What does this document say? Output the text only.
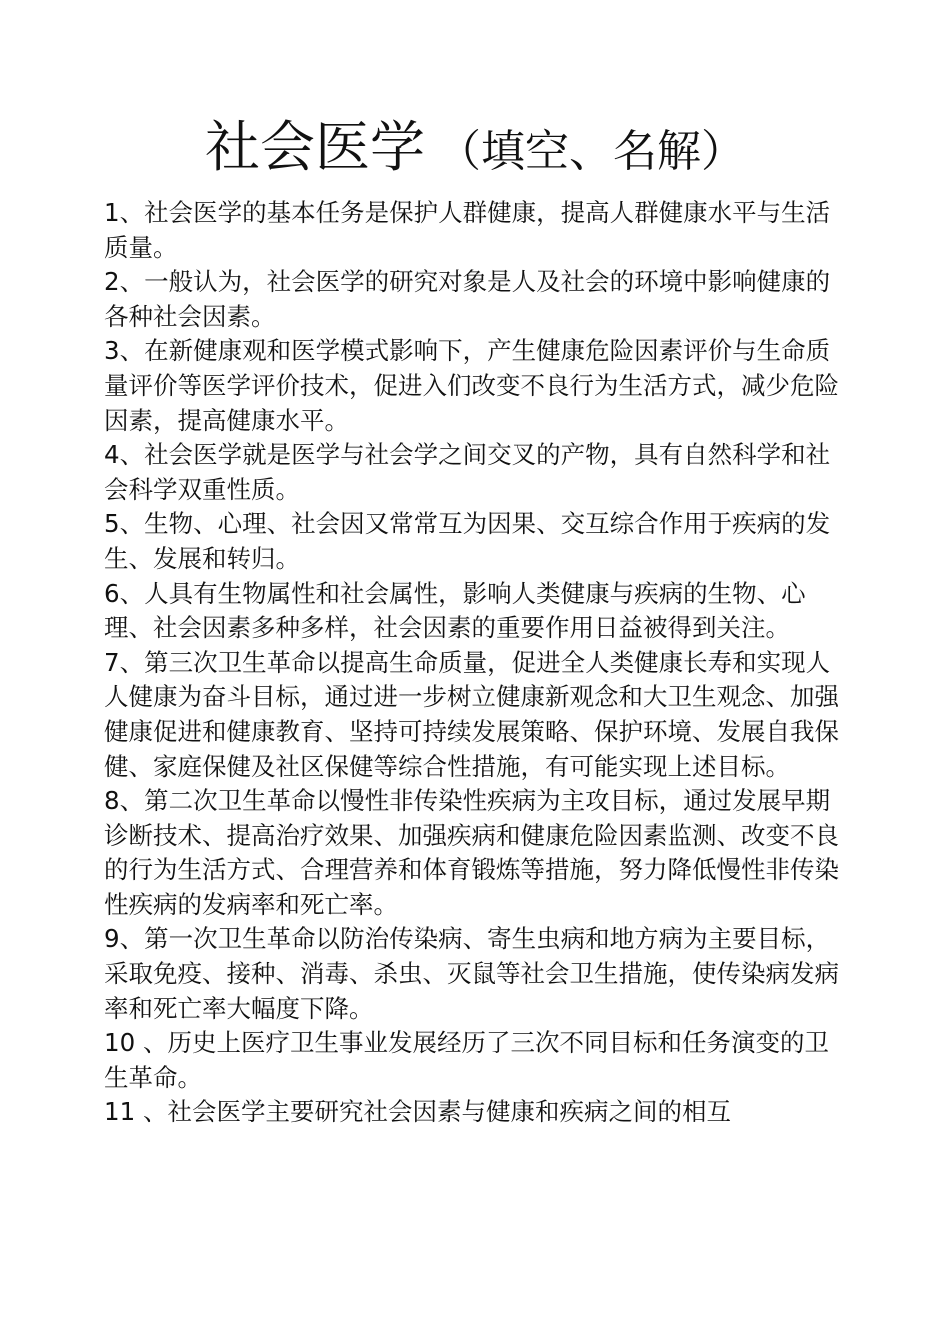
社会医学 （填空、名解）

1、社会医学的基本任务是保护人群健康，提高人群健康水平与生活质量。

2、一般认为，社会医学的研究对象是人及社会的环境中影响健康的各种社会因素。

3、在新健康观和医学模式影响下，产生健康危险因素评价与生命质量评价等医学评价技术，促进入们改变不良行为生活方式，减少危险因素，提高健康水平。

4、社会医学就是医学与社会学之间交叉的产物，具有自然科学和社会科学双重性质。

5、生物、心理、社会因又常常互为因果、交互综合作用于疾病的发生、发展和转归。

6、人具有生物属性和社会属性，影响人类健康与疾病的生物、心理、社会因素多种多样，社会因素的重要作用日益被得到关注。

7、第三次卫生革命以提高生命质量，促进全人类健康长寿和实现人人健康为奋斗目标，通过进一步树立健康新观念和大卫生观念、加强健康促进和健康教育、坚持可持续发展策略、保护环境、发展自我保健、家庭保健及社区保健等综合性措施，有可能实现上述目标。

8、第二次卫生革命以慢性非传染性疾病为主攻目标，通过发展早期诊断技术、提高治疗效果、加强疾病和健康危险因素监测、改变不良的行为生活方式、合理营养和体育锻炼等措施，努力降低慢性非传染性疾病的发病率和死亡率。

9、第一次卫生革命以防治传染病、寄生虫病和地方病为主要目标，采取免疫、接种、消毒、杀虫、灭鼠等社会卫生措施，使传染病发病率和死亡率大幅度下降。

10 、历史上医疗卫生事业发展经历了三次不同目标和任务演变的卫生革命。

11 、社会医学主要研究社会因素与健康和疾病之间的相互
